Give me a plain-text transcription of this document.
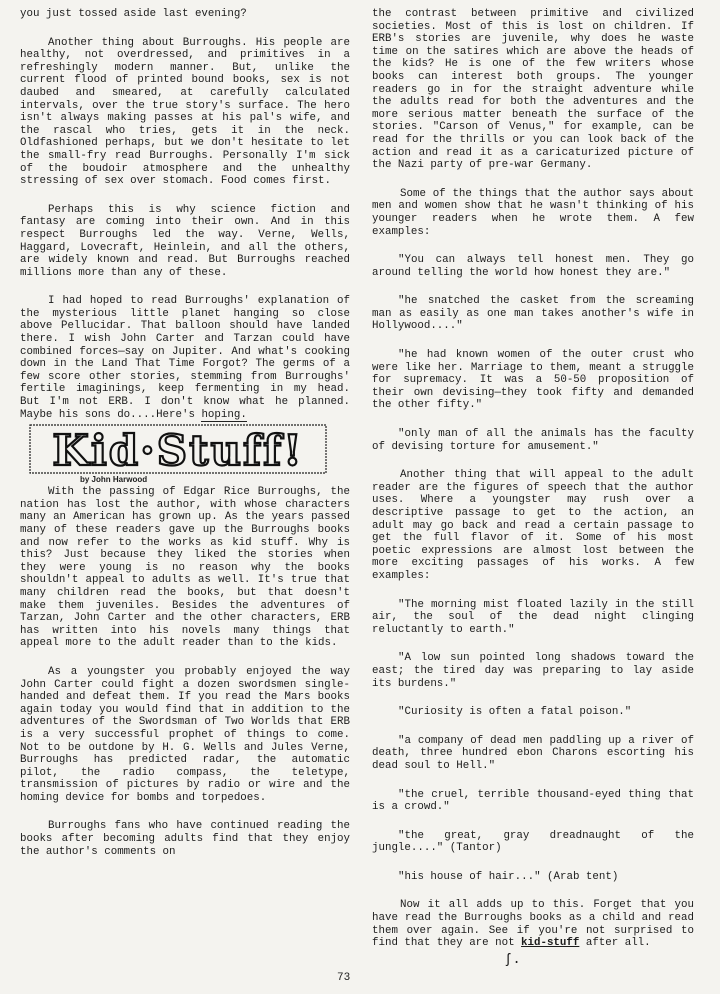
you just tossed aside last evening?

Another thing about Burroughs. His people are healthy, not overdressed, and primitives in a refreshingly modern manner. But, unlike the current flood of printed bound books, sex is not daubed and smeared, at carefully calculated intervals, over the true story's surface. The hero isn't always making passes at his pal's wife, and the rascal who tries, gets it in the neck. Oldfashioned perhaps, but we don't hesitate to let the small-fry read Burroughs. Personally I'm sick of the boudoir atmosphere and the unhealthy stressing of sex over stomach. Food comes first.

Perhaps this is why science fiction and fantasy are coming into their own. And in this respect Burroughs led the way. Verne, Wells, Haggard, Lovecraft, Heinlein, and all the others, are widely known and read. But Burroughs reached millions more than any of these.

I had hoped to read Burroughs' explanation of the mysterious little planet hanging so close above Pellucidar. That balloon should have landed there. I wish John Carter and Tarzan could have combined forces—say on Jupiter. And what's cooking down in the Land That Time Forgot? The germs of a few score other stories, stemming from Burroughs' fertile imaginings, keep fermenting in my head. But I'm not ERB. I don't know what he planned. Maybe his sons do....Here's hoping.

Kid·Stuff!
by John Harwood

With the passing of Edgar Rice Burroughs, the nation has lost the author, with whose characters many an American has grown up. As the years passed many of these readers gave up the Burroughs books and now refer to the works as kid stuff. Why is this? Just because they liked the stories when they were young is no reason why the books shouldn't appeal to adults as well. It's true that many children read the books, but that doesn't make them juveniles. Besides the adventures of Tarzan, John Carter and the other characters, ERB has written into his novels many things that appeal more to the adult reader than to the kids.

As a youngster you probably enjoyed the way John Carter could fight a dozen swordsmen single-handed and defeat them. If you read the Mars books again today you would find that in addition to the adventures of the Swordsman of Two Worlds that ERB is a very successful prophet of things to come. Not to be outdone by H. G. Wells and Jules Verne, Burroughs has predicted radar, the automatic pilot, the radio compass, the teletype, transmission of pictures by radio or wire and the homing device for bombs and torpedoes.

Burroughs fans who have continued reading the books after becoming adults find that they enjoy the author's comments on

the contrast between primitive and civilized societies. Most of this is lost on children. If ERB's stories are juvenile, why does he waste time on the satires which are above the heads of the kids? He is one of the few writers whose books can interest both groups. The younger readers go in for the straight adventure while the adults read for both the adventures and the more serious matter beneath the surface of the stories. "Carson of Venus," for example, can be read for the thrills or you can look back of the action and read it as a caricaturized picture of the Nazi party of pre-war Germany.

Some of the things that the author says about men and women show that he wasn't thinking of his younger readers when he wrote them. A few examples:

"You can always tell honest men. They go around telling the world how honest they are."

"he snatched the casket from the screaming man as easily as one man takes another's wife in Hollywood...."

"he had known women of the outer crust who were like her. Marriage to them, meant a struggle for supremacy. It was a 50-50 proposition of their own devising—they took fifty and demanded the other fifty."

"only man of all the animals has the faculty of devising torture for amusement."

Another thing that will appeal to the adult reader are the figures of speech that the author uses. Where a youngster may rush over a descriptive passage to get to the action, an adult may go back and read a certain passage to get the full flavor of it. Some of his most poetic expressions are almost lost between the more exciting passages of his works. A few examples:

"The morning mist floated lazily in the still air, the soul of the dead night clinging reluctantly to earth."

"A low sun pointed long shadows toward the east; the tired day was preparing to lay aside its burdens."

"Curiosity is often a fatal poison."

"a company of dead men paddling up a river of death, three hundred ebon Charons escorting his dead soul to Hell."

"the cruel, terrible thousand-eyed thing that is a crowd."

"the great, gray dreadnaught of the jungle...." (Tantor)

"his house of hair..." (Arab tent)

Now it all adds up to this. Forget that you have read the Burroughs books as a child and read them over again. See if you're not surprised to find that they are not kid-stuff after all.

ʃ.
73
